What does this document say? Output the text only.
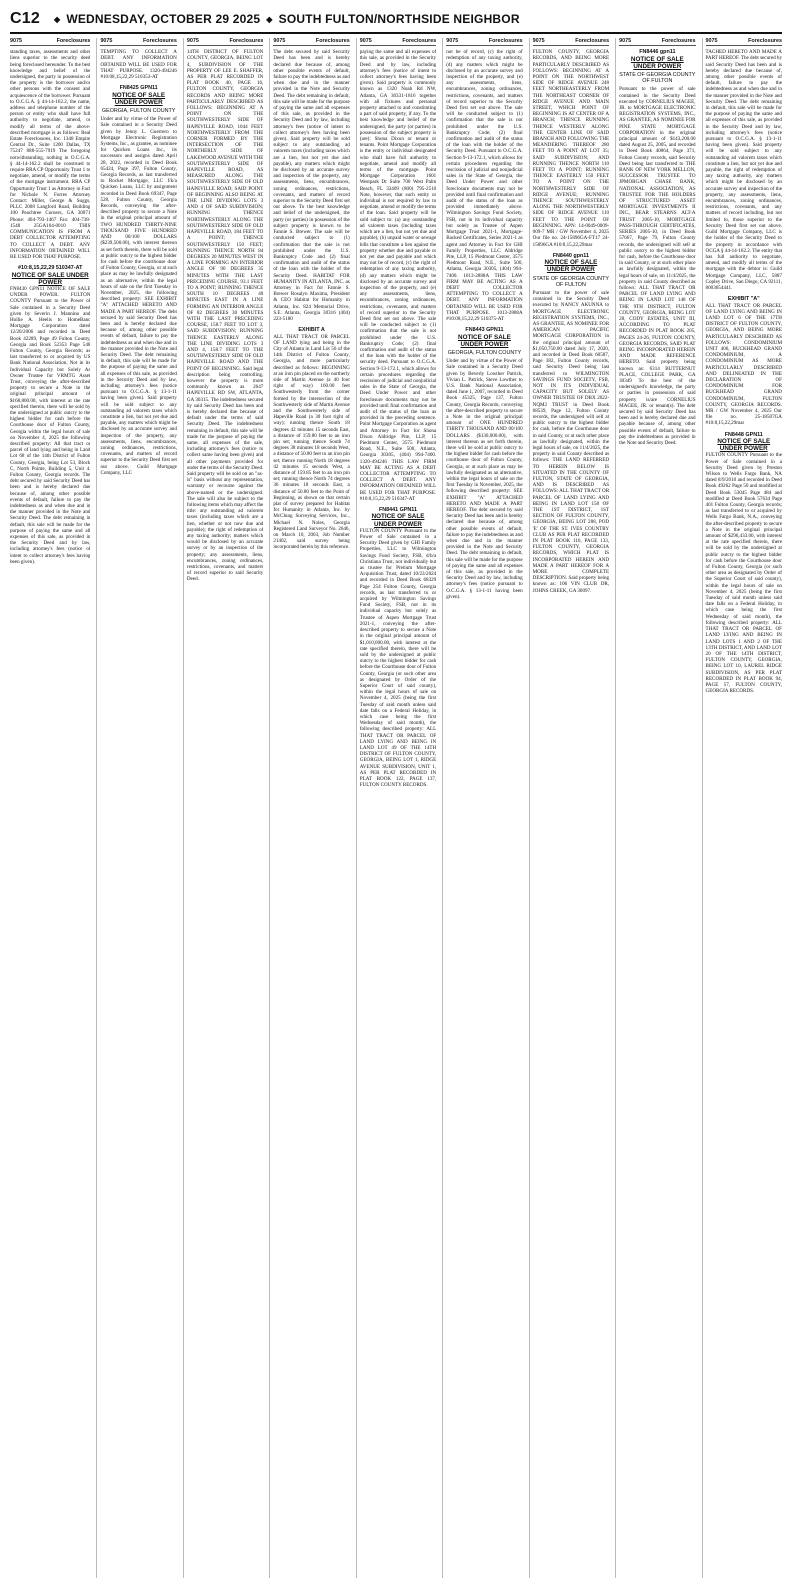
C12 ◆ WEDNESDAY, OCTOBER 29 2025 ◆ SOUTH FULTON/NORTHSIDE NEIGHBOR
9075	Foreclosures
standing taxes, assessments and other liens superior to the security deed being foreclosed hereunder. To the best knowledge and belief of the undersigned, the party in possession of the property is the borrower and/or other persons with the consent and acquiescence of the borrower. Pursuant to O.C.G.A. § 44-14-162.2, the name, address and telephone number of the person or entity who shall have full authority to negotiate, amend, or modify all terms of the above-described mortgage is as follows: Real Estate Foreclosures, Inc. 1348 Empire Central Dr., Suite 1200 Dallas, TX 75247 888-555-7919 The foregoing notwithstanding, nothing in O.C.G.A. § 44-14-162.2 shall be construed to require RRA CP Opportunity Trust 1 to negotiate, amend, or modify the terms of the mortgage instrument. RRA CP Opportunity Trust 1 as Attorney in Fact for Nichole N. Forres Attorney Contact: Miller, George & Suggs, PLLC 2008 Langford Road, Building 100 Peachtree Corners, GA 30071 Phone: 404-793-1467 Fax: 404-738-1548 25GA104-0010 THIS COMMUNICATION IS FROM A DEBT COLLECTOR ATTEMPTING TO COLLECT A DEBT. ANY INFORMATION OBTAINED WILL BE USED FOR THAT PURPOSE.
#10:8,15,22,29 510347-AT
NOTICE OF SALE UNDER POWER
FN8430 GPN11 NOTICE OF SALE UNDER POWER. FULTON COUNTY Pursuant to the Power of Sale contained in a Security Deed given by Severin J. Mannino and Hollie A. Heelis to HomeBanc Mortgage Corporation dated 12/20/2006 and recorded in Deed Book 42289, Page 49 Fulton County, Georgia and Book 52353 Page 548 Fulton County, Georgia Records; as last transferred to or acquired by US Bank National Association, Not in its Individual Capacity but Solely As Owner Trustee for VRMTG Asset Trust, conveying the after-described property to secure a Note in the original principal amount of $168,800.00, with interest at the rate specified therein, there will be sold by the undersigned at public outcry to the highest bidder for cash before the Courthouse door of Fulton County, Georgia within the legal hours of sale on November 4, 2025 the following described property: All that tract or parcel of land lying and being in Land Lot 68 of the 14th District of Fulton County, Georgia, being Lot 53, Block C, North Pointe, Building 5, Unit 4. Fulton County, Georgia records. The debt secured by said Security Deed has been and is hereby declared due because of, among other possible events of default, failure to pay the indebtedness as and when due and in the manner provided in the Note and Security Deed. The debt remaining in default, this sale will be made for the purpose of paying the same and all expenses of this sale, as provided in the Security Deed and by law, including attorney's fees (notice of intent to collect attorney's fees having been given).
9075	Foreclosures
TEMPTING TO COLLECT A DEBT. ANY INFORMATION OBTAINED WILL BE USED FOR THAT PURPOSE. 1320-494246 #10:08,15,22,29 510353-AT
FN8425 GPN11
NOTICE OF SALE UNDER POWER
GEORGIA, FULTON COUNTY
Under and by virtue of the Power of Sale contained in a Security Deed given by Jenny L. Guerrero to Mortgage Electronic Registration Systems, Inc., as grantee, as nominee for Quicken Loans Inc., its successors and assigns dated April 28, 2022, recorded in Deed Book 65424, Page 397, Fulton County, Georgia Records, as last transferred to Rocket Mortgage, LLC f/k/a Quicken Loans, LLC by assignment recorded in Deed Book 69347, Page 528, Fulton County, Georgia Records, conveying the after-described property to secure a Note in the original principal amount of TWO HUNDRED THIRTY-NINE THOUSAND FIVE HUNDRED AND 00/100 DOLLARS ($239,500.00), with interest thereon as set forth therein, there will be sold at public outcry to the highest bidder for cash before the courthouse door of Fulton County, Georgia, or at such place as may be lawfully designated as an alternative, within the legal hours of sale on the first Tuesday in November, 2025, the following described property: SEE EXHIBIT "A" ATTACHED HERETO AND MADE A PART HEREOF. The debt secured by said Security Deed has been and is hereby declared due because of, among other possible events of default, failure to pay the indebtedness as and when due and in the manner provided in the Note and Security Deed. The debt remaining in default, this sale will be made for the purpose of paying the same and all expenses of this sale, as provided in the Security Deed and by law, including attorney's fees (notice pursuant to O.C.G.A. § 13-1-11 having been given). Said property will be sold subject to any outstanding ad valorem taxes which constitute a lien, but not yet due and payable, any matters which might be disclosed by an accurate survey and inspection of the property, any assessments, liens, encumbrances, zoning ordinances, restrictions, covenants, and matters of record superior to the Security Deed first set out above. Guild Mortgage Company, LLC
9075	Foreclosures
14TH DISTRICT OF FULTON COUNTY, GEORGIA, BEING LOT 4, SUBDIVISION OF THE PROPERTY OF LEE E. SHAFFER, AS PER PLAT RECORDED IN PLAT BOOK 40, PAGE 16, FULTON COUNTY, GEORGIA RECORDS AND BEING MORE PARTICULARLY DESCRIBED AS FOLLOWS: BEGINNING AT A POINT ON THE SOUTHWESTERLY SIDE OF HAPEVILLE ROAD, 1044 FEET NORTHWESTERLY FROM THE CORNER FORMED BY THE INTERSECTION OF THE NORTHERLY SIDE OF LAKEWOOD AVENUE WITH THE SOUTHWESTERLY SIDE OF HAPEVILLE ROAD, AS MEASURED ALONG THE SOUTHWESTERLY SIDE OF OLD HAPEVILLE ROAD; SAID POINT OF BEGINNING ALSO BEING AT THE LINE DIVIDING LOTS 3 AND 4 OF SAID SUBDIVISION; RUNNING THENCE NORTHWESTERLY ALONG THE SOUTHWESTERLY SIDE OF OLD HAPEVILLE ROAD, 184 FEET TO A POINT; THENCE SOUTHWESTERLY 150 FEET; RUNNING THENCE NORTH 84 DEGREES 20 MINUTES WEST IN A LINE FORMING AN INTERIOR ANGLE OF 90 DEGREES 35 MINUTES WITH THE LAST PRECEDING COURSE, 93.1 FEET TO A POINT; RUNNING THENCE SOUTH 10 DEGREES 40 MINUTES EAST IN A LINE FORMING AN INTERIOR ANGLE OF 82 DEGREES 30 MINUTES WITH THE LAST PRECEDING COURSE, 158.7 FEET TO LOT 3, SAID SUBDIVISION; RUNNING THENCE EASTERLY ALONG THE LINE DIVIDING LOTS 3 AND 4, 158.7 FEET TO THE SOUTHWESTERLY SIDE OF OLD HAPEVILLE ROAD AND THE POINT OF BEGINNING. Said legal description being controlling, however the property is more commonly known as 2647 HAPEVILLE RD SW, ATLANTA, GA 30315. The indebtedness secured by said Security Deed has been and is hereby declared due because of default under the terms of said Security Deed. The indebtedness remaining in default, this sale will be made for the purpose of paying the same, all expenses of the sale, including attorney's fees (notice to collect same having been given) and all other payments provided for under the terms of the Security Deed. Said property will be sold on an "as-is" basis without any representation, warranty or recourse against the above-named or the undersigned. The sale will also be subject to the following items which may affect the title: any outstanding ad valorem taxes (including taxes which are a lien, whether or not now due and payable); the right of redemption of any taxing authority; matters which would be disclosed by an accurate survey or by an inspection of the property; any assessments, liens, encumbrances, zoning ordinances, restrictions, covenants, and matters of record superior to said Security Deed.
9075	Foreclosures
The debt secured by said Security Deed has been and is hereby declared due because of, among other possible events of default, failure to pay the indebtedness as and when due and in the manner provided in the Note and Security Deed. The debt remaining in default, this sale will be made for the purpose of paying the same and all expenses of this sale, as provided in the Security Deed and by law, including attorney's fees (notice of intent to collect attorney's fees having been given). Said property will be sold subject to any outstanding ad valorem taxes (including taxes which are a lien, but not yet due and payable), any matters which might be disclosed by an accurate survey and inspection of the property, any assessments, liens, encumbrances, zoning ordinances, restrictions, covenants, and matters of record superior to the Security Deed first set out above. To the best knowledge and belief of the undersigned, the party (or parties) in possession of the subject property is known to be Fannie S. Brewer. The sale will be conducted subject to (1) confirmation that the sale is not prohibited under the U.S. Bankruptcy Code and (2) final confirmation and audit of the status of the loan with the holder of the Security Deed. HABITAT FOR HUMANITY IN ATLANTA, INC. as Attorney in Fact for Fannie S. Brewer Rosalyn Maxima, President & CEO Habitat for Humanity in Atlanta, Inc. 824 Memorial Drive, S.E. Atlanta, Georgia 30316 (404) 223-5180
EXHIBIT A
ALL THAT TRACT OR PARCEL OF LAND lying and being in the City of Atlanta in Land Lot 56 of the 14th District of Fulton County, Georgia, and more particularly described as follows: BEGINNING at an iron pin placed on the northerly side of Martin Avenue (a 40 foot right of way) 160.00 feet Southwesterly from the corner formed by the intersection of the Southwesterly side of Martin Avenue and the Southwesterly side of Hapeville Road (a 30 foot right of way); running thence South 18 degrees 42 minutes 15 seconds East, a distance of 159.80 feet to an iron pin set; running thence South 74 degrees 38 minutes 18 seconds West, a distance of 50.80 feet to an iron pin set; thence running North 18 degrees 42 minutes 15 seconds West, a distance of 159.85 feet to an iron pin set; running thence North 74 degrees 36 minutes 18 seconds East, a distance of 50.80 feet to the Point of Beginning, as shown on that certain plat of survey prepared for Habitat for Humanity in Atlanta, Inc. by McClung Surveying Services, Inc., Michael N. Noles, Georgia Registered Land Surveyor No. 2646, on March 10, 2003, Job Number 21402, said survey being incorporated herein by this reference.
9075	Foreclosures
paying the same and all expenses of this sale, as provided in the Security Deed and by law, including attorney's fees (notice of intent to collect attorney's fees having been given). Said property is commonly known as 1320 Noah Rd NW, Atlanta, GA 30331-1816 together with all fixtures and personal property attached to and constituting a part of said property, if any. To the best knowledge and belief of the undersigned, the party (or parties) in possession of the subject property is (are): Shona Dixon or tenant or tenants. Point Mortgage Corporation is the entity or individual designated who shall have full authority to negotiate, amend and modify all terms of the mortgage. Point Mortgage Corporation 1601 Westpark Dr Suite 700 West Palm Beach, FL 33409 (800) 795-2510 Note, however, that such entity or individual is not required by law to negotiate, amend or modify the terms of the loan. Said property will be sold subject to: (a) any outstanding ad valorem taxes (including taxes which are a lien, but not yet due and payable), (b) unpaid water or sewage bills that constitute a lien against the property whether due and payable or not yet due and payable and which may not be of record, (c) the right of redemption of any taxing authority, (d) any matters which might be disclosed by an accurate survey and inspection of the property, and (e) any assessments, liens, encumbrances, zoning ordinances, restrictions, covenants, and matters of record superior to the Security Deed first set out above. The sale will be conducted subject to (1) confirmation that the sale is not prohibited under the U.S. Bankruptcy Code; (2) final confirmation and audit of the status of the loan with the holder of the security deed. Pursuant to O.C.G.A. Section 9-13-172.1, which allows for certain procedures regarding the rescission of judicial and nonjudicial sales in the State of Georgia, the Deed Under Power and other foreclosure documents may not be provided until final confirmation and audit of the status of the loan as provided in the preceding sentence. Point Mortgage Corporation as agent and Attorney in Fact for Shona Dixon Aldridge Pite, LLP, 15 Piedmont Center, 3575 Piedmont Road, N.E., Suite 500, Atlanta, Georgia 30305, (404) 994-7400. 1320-494246 THIS LAW FIRM MAY BE ACTING AS A DEBT COLLECTOR ATTEMPTING TO COLLECT A DEBT. ANY INFORMATION OBTAINED WILL BE USED FOR THAT PURPOSE. #10:8,15,22,29 510347-AT
FN8441 GPN11
NOTICE OF SALE UNDER POWER
FULTON COUNTY Pursuant to the Power of Sale contained in a Security Deed given by GHI Family Properties, LLC to Wilmington Savings Fund Society, FSB, d/b/a Christiana Trust, not individually but as trustee for Pretium Mortgage Acquisition Trust, dated 10/23/2024 and recorded in Deed Book 68329 Page 254 Fulton County, Georgia records, as last transferred to or acquired by Wilmington Savings Fund Society, FSB, not in its individual capacity but solely as Trustee of Aspen Mortgage Trust 2021-1, conveying the after-described property to secure a Note in the original principal amount of $1,010,000.00, with interest at the rate specified therein, there will be sold by the undersigned at public outcry to the highest bidder for cash before the Courthouse door of Fulton County, Georgia (or such other area as designated by Order of the Superior Court of said county), within the legal hours of sale on November 4, 2025 (being the first Tuesday of said month unless said date falls on a Federal Holiday, in which case being the first Wednesday of said month), the following described property: ALL THAT TRACT OR PARCEL OF LAND LYING AND BEING IN LAND LOT 49 OF THE 14TH DISTRICT OF FULTON COUNTY, GEORGIA, BEING LOT 1, RIDGE AVENUE SUBDIVISION, UNIT 1, AS PER PLAT RECORDED IN PLAT BOOK 122, PAGE 137, FULTON COUNTY RECORDS.
9075	Foreclosures
not be of record, (c) the right of redemption of any taxing authority, (d) any matters which might be disclosed by an accurate survey and inspection of the property, and (e) any assessments, liens, encumbrances, zoning ordinances, restrictions, covenants, and matters of record superior to the Security Deed first set out above. The sale will be conducted subject to (1) confirmation that the sale is not prohibited under the U.S. Bankruptcy Code; (2) final confirmation and audit of the status of the loan with the holder of the Security Deed. Pursuant to O.C.G.A. Section 9-13-172.1, which allows for certain procedures regarding the rescission of judicial and nonjudicial sales in the State of Georgia, the Deed Under Power and other foreclosure documents may not be provided until final confirmation and audit of the status of the loan as provided immediately above. Wilmington Savings Fund Society, FSB, not in its individual capacity but solely as Trustee of Aspen Mortgage Trust 2021-1, Mortgage-Backed Certificates, Series 2021-1 as agent and Attorney in Fact for GHI Family Properties, LLC Aldridge Pite, LLP, 15 Piedmont Center, 3575 Piedmont Road, N.E., Suite 500, Atlanta, Georgia 30305, (404) 994-7400. 1013-2888A THIS LAW FIRM MAY BE ACTING AS A DEBT COLLECTOR ATTEMPTING TO COLLECT A DEBT. ANY INFORMATION OBTAINED WILL BE USED FOR THAT PURPOSE. 1013-2888A #10:08,15,22,29 510375-AT
FN8443 GPN11
NOTICE OF SALE UNDER POWER
GEORGIA, FULTON COUNTY
Under and by virtue of the Power of Sale contained in a Security Deed given by Beverly Lowther Patrick, Vivian L. Patrick, Steve Lowther to U.S. Bank National Association, dated June 1, 2007, recorded in Deed Book 45325, Page 137, Fulton County, Georgia Records, conveying the after-described property to secure a Note in the original principal amount of ONE HUNDRED THIRTY THOUSAND AND 00/100 DOLLARS ($130,000.00), with interest thereon as set forth therein, there will be sold at public outcry to the highest bidder for cash before the courthouse door of Fulton County, Georgia, or at such place as may be lawfully designated as an alternative, within the legal hours of sale on the first Tuesday in November, 2025, the following described property: SEE EXHIBIT "A" ATTACHED HERETO AND MADE A PART HEREOF. The debt secured by said Security Deed has been and is hereby declared due because of, among other possible events of default, failure to pay the indebtedness as and when due and in the manner provided in the Note and Security Deed. The debt remaining in default, this sale will be made for the purpose of paying the same and all expenses of this sale, as provided in the Security Deed and by law, including attorney's fees (notice pursuant to O.C.G.A. § 13-1-11 having been given).
9075	Foreclosures
FULTON COUNTY, GEORGIA RECORDS, AND BEING MORE PARTICULARLY DESCRIBED AS FOLLOWS: BEGINNING AT A POINT ON THE NORTHWEST SIDE OF RIDGE AVENUE 248 FEET NORTHEASTERLY FROM THE NORTHEAST CORNER OF RIDGE AVENUE AND MAIN STREET, WHICH POINT OF BEGINNING IS AT CENTER OF A BRANCH; THENCE RUNNING THENCE WESTERLY ALONG THE CENTER LINE OF SAID BRANCH AND FOLLOWING THE MEANDERING THEREOF 280 FEET TO A POINT AT LOT 35; SAID SUBDIVISION; AND RUNNING THENCE NORTH 110 FEET TO A POINT; RUNNING THENCE EASTERLY 150 FEET TO A POINT ON THE NORTHWESTERLY SIDE OF RIDGE AVENUE; RUNNING THENCE SOUTHWESTERLY ALONG THE NORTHWESTERLY SIDE OF RIDGE AVENUE 110 FEET TO THE POINT OF BEGINNING. APN: 14-0049-0009-009-7 MR / GW November 4, 2025 Our file no. 24-15896GA-FT17 24-15896GA #10:8,15,22,29mar
FN8440 gpn11
NOTICE OF SALE UNDER POWER
STATE OF GEORGIA COUNTY OF FULTON
Pursuant to the power of sale contained in the Security Deed executed by NANCY AKUNNA to MORTGAGE ELECTRONIC REGISTRATION SYSTEMS, INC., AS GRANTEE, AS NOMINEE FOR AMERICAN PACIFIC MORTGAGE CORPORATION in the original principal amount of $1,050,750.00 dated July 17, 2020, and recorded in Deed Book 60587, Page 382, Fulton County records, said Security Deed being last transferred to WILMINGTON SAVINGS FUND SOCIETY, FSB, NOT IN ITS INDIVIDUAL CAPACITY BUT SOLELY AS OWNER TRUSTEE OF DBX 2022-NQM2 TRUST in Deed Book 68539, Page 12, Fulton County records, the undersigned will sell at public outcry to the highest bidder for cash, before the Courthouse door in said County, or at such other place as lawfully designated, within the legal hours of sale, on 11/4/2025, the property in said County described as follows: THE LAND REFERRED TO HEREIN BELOW IS SITUATED IN THE COUNTY OF FULTON, STATE OF GEORGIA, AND IS DESCRIBED AS FOLLOWS: ALL THAT TRACT OR PARCEL OF LAND LYING AND BEING IN LAND LOT 158 OF THE 1ST DISTRICT, 1ST SECTION OF FULTON COUNTY, GEORGIA, BEING LOT 288, POD 'E' OF THE ST. IVES COUNTRY CLUB AS PER PLAT RECORDED IN PLAT BOOK 116, PAGE 133, FULTON COUNTY, GEORGIA RECORDS, WHICH PLAT IS INCORPORATED HEREIN AND MADE A PART HEREOF FOR A MORE COMPLETE DESCRIPTION. Said property being known as: 106 VIN CLUB DR, JOHNS CREEK, GA 30097.
9075	Foreclosures
FN8446 gpn11
NOTICE OF SALE UNDER POWER
STATE OF GEORGIA COUNTY OF FULTON
Pursuant to the power of sale contained in the Security Deed executed by CORNELIUS MAGEE, JR. to MORTGAGE ELECTRONIC REGISTRATION SYSTEMS, INC., AS GRANTEE, AS NOMINEE FOR PINE STATE MORTGAGE CORPORATION in the original principal amount of $143,200.00 dated August 25, 2005, and recorded in Deed Book 40864, Page 371, Fulton County records, said Security Deed being last transferred to THE BANK OF NEW YORK MELLON, SUCCESSOR TRUSTEE TO JPMORGAN CHASE BANK, NATIONAL ASSOCIATION, AS TRUSTEE FOR THE HOLDERS OF STRUCTURED ASSET MORTGAGE INVESTMENTS II INC., BEAR STEARNS ALT-A TRUST 2005-10, MORTGAGE PASS-THROUGH CERTIFICATES, SERIES 2005-10, in Deed Book 57667, Page 79, Fulton County records, the undersigned will sell at public outcry to the highest bidder for cash, before the Courthouse door in said County, or at such other place as lawfully designated, within the legal hours of sale, on 11/4/2025, the property in said County described as follows: ALL THAT TRACT OR PARCEL OF LAND LYING AND BEING IN LAND LOT 148 OF THE 9TH DISTRICT, FULTON COUNTY, GEORGIA, BEING LOT 28, CODY ESTATES, UNIT III, ACCORDING TO PLAT RECORDED IN PLAT BOOK 205, PAGES 24-26, FULTON COUNTY, GEORGIA RECORDS, SAID PLAT BEING INCORPORATED HEREIN AND MADE REFERENCE HERETO. Said property being known as: 6314 BUTTERNUT PLACE, COLLEGE PARK, GA 30349 To the best of the undersigned's knowledge, the party or parties in possession of said property is/are CORNELIUS MAGEE, JR. or tenant(s). The debt secured by said Security Deed has been and is hereby declared due and payable because of, among other possible events of default, failure to pay the indebtedness as provided in the Note and Security Deed.
9075	Foreclosures
TACHED HERETO AND MADE A PART HEREOF. The debt secured by said Security Deed has been and is hereby declared due because of, among other possible events of default, failure to pay the indebtedness as and when due and in the manner provided in the Note and Security Deed. The debt remaining in default, this sale will be made for the purpose of paying the same and all expenses of this sale, as provided in the Security Deed and by law, including attorney's fees (notice pursuant to O.C.G.A. § 13-1-11 having been given). Said property will be sold subject to any outstanding ad valorem taxes which constitute a lien, but not yet due and payable, the right of redemption of any taxing authority, any matters which might be disclosed by an accurate survey and inspection of the property, any assessments, liens, encumbrances, zoning ordinances, restrictions, covenants, and any matters of record including, but not limited to, those superior to the Security Deed first set out above. Guild Mortgage Company, LLC is the holder of the Security Deed to the property in accordance with OCGA § 44-14-162.2. The entity that has full authority to negotiate, amend, and modify all terms of the mortgage with the debtor is: Guild Mortgage Company, LLC, 5887 Copley Drive, San Diego, CA 92111, 8003654441.
EXHIBIT "A"
ALL THAT TRACT OR PARCEL OF LAND LYING AND BEING IN LAND LOT 6 OF THE 17TH DISTRICT OF FULTON COUNTY, GEORGIA, AND BEING MORE PARTICULARLY DESCRIBED AS FOLLOWS: CONDOMINIUM UNIT 406, BUCKHEAD GRAND CONDOMINIUM, A CONDOMINIUM AS MORE PARTICULARLY DESCRIBED AND DELINEATED IN THE DECLARATION OF CONDOMINIUM FOR BUCKHEAD GRAND CONDOMINIUM, FULTON COUNTY, GEORGIA RECORDS. MR / GW November 4, 2025 Our file no. 25-18507GA #10:8,15,22,29mar
FN8448 GPN11
NOTICE OF SALE UNDER POWER
FULTON COUNTY Pursuant to the Power of Sale contained in a Security Deed given by Preston Wilson to Wells Fargo Bank, NA dated 8/9/2010 and recorded in Deed Book 49262 Page 50 and modified at Deed Book 53045 Page 484 and modified at Deed Book 57634 Page 401 Fulton County, Georgia records; as last transferred to or acquired by Wells Fargo Bank, N.A., conveying the after-described property to secure a Note in the original principal amount of $296,433.00, with interest at the rate specified therein, there will be sold by the undersigned at public outcry to the highest bidder for cash before the Courthouse door of Fulton County, Georgia (or such other area as designated by Order of the Superior Court of said county), within the legal hours of sale on November 4, 2025 (being the first Tuesday of said month unless said date falls on a Federal Holiday, in which case being the first Wednesday of said month), the following described property: ALL THAT TRACT OR PARCEL OF LAND LYING AND BEING IN LAND LOTS 1 AND 2 OF THE 13TH DISTRICT, AND LAND LOT 20 OF THE 14TH DISTRICT, FULTON COUNTY, GEORGIA, BEING LOT 10, LAUREL RIDGE SUBDIVISION, AS PER PLAT RECORDED IN PLAT BOOK 94, PAGE 57, FULTON COUNTY, GEORGIA RECORDS.
